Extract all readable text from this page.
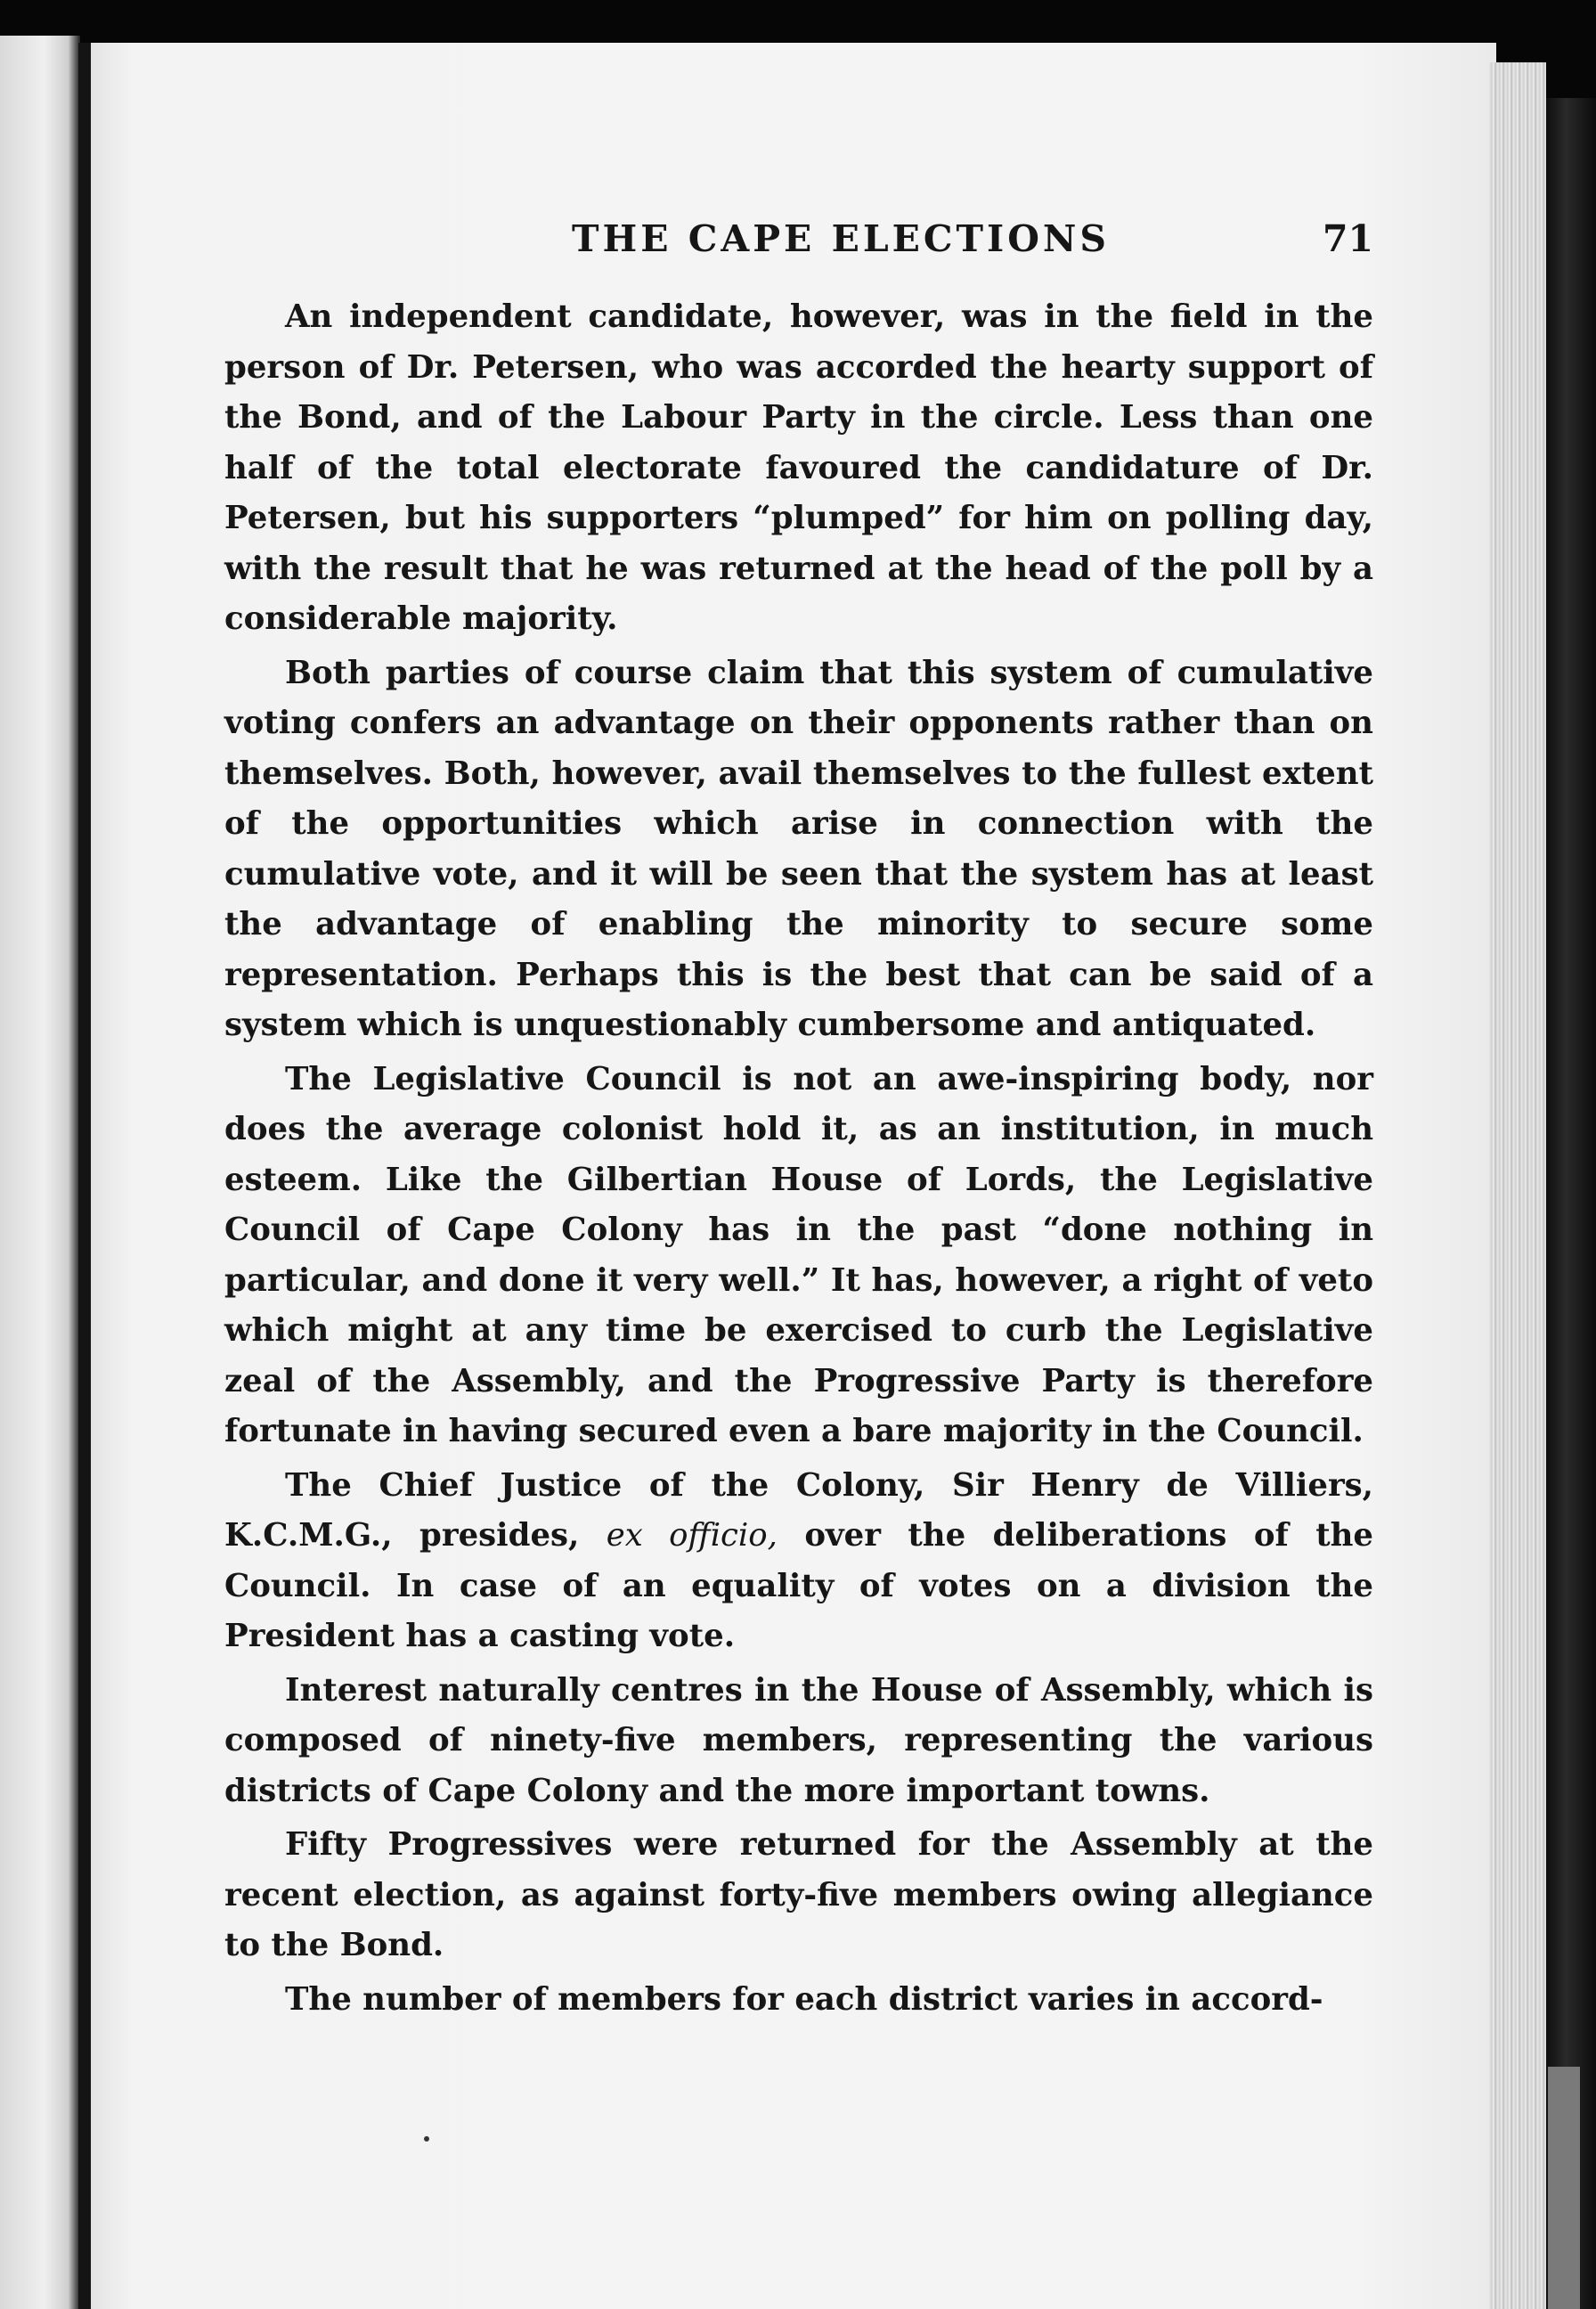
THE CAPE ELECTIONS	71

An independent candidate, however, was in the field in the person of Dr. Petersen, who was accorded the hearty support of the Bond, and of the Labour Party in the circle. Less than one half of the total electorate favoured the candidature of Dr. Petersen, but his supporters “plumped” for him on polling day, with the result that he was returned at the head of the poll by a considerable majority.

Both parties of course claim that this system of cumulative voting confers an advantage on their opponents rather than on themselves. Both, however, avail themselves to the fullest extent of the opportunities which arise in connection with the cumulative vote, and it will be seen that the system has at least the advantage of enabling the minority to secure some representation. Perhaps this is the best that can be said of a system which is unquestionably cumbersome and antiquated.

The Legislative Council is not an awe-inspiring body, nor does the average colonist hold it, as an institution, in much esteem. Like the Gilbertian House of Lords, the Legislative Council of Cape Colony has in the past “done nothing in particular, and done it very well.” It has, however, a right of veto which might at any time be exercised to curb the Legislative zeal of the Assembly, and the Progressive Party is therefore fortunate in having secured even a bare majority in the Council.

The Chief Justice of the Colony, Sir Henry de Villiers, K.C.M.G., presides, ex officio, over the deliberations of the Council. In case of an equality of votes on a division the President has a casting vote.

Interest naturally centres in the House of Assembly, which is composed of ninety-five members, representing the various districts of Cape Colony and the more important towns.

Fifty Progressives were returned for the Assembly at the recent election, as against forty-five members owing allegiance to the Bond.

The number of members for each district varies in accord-
